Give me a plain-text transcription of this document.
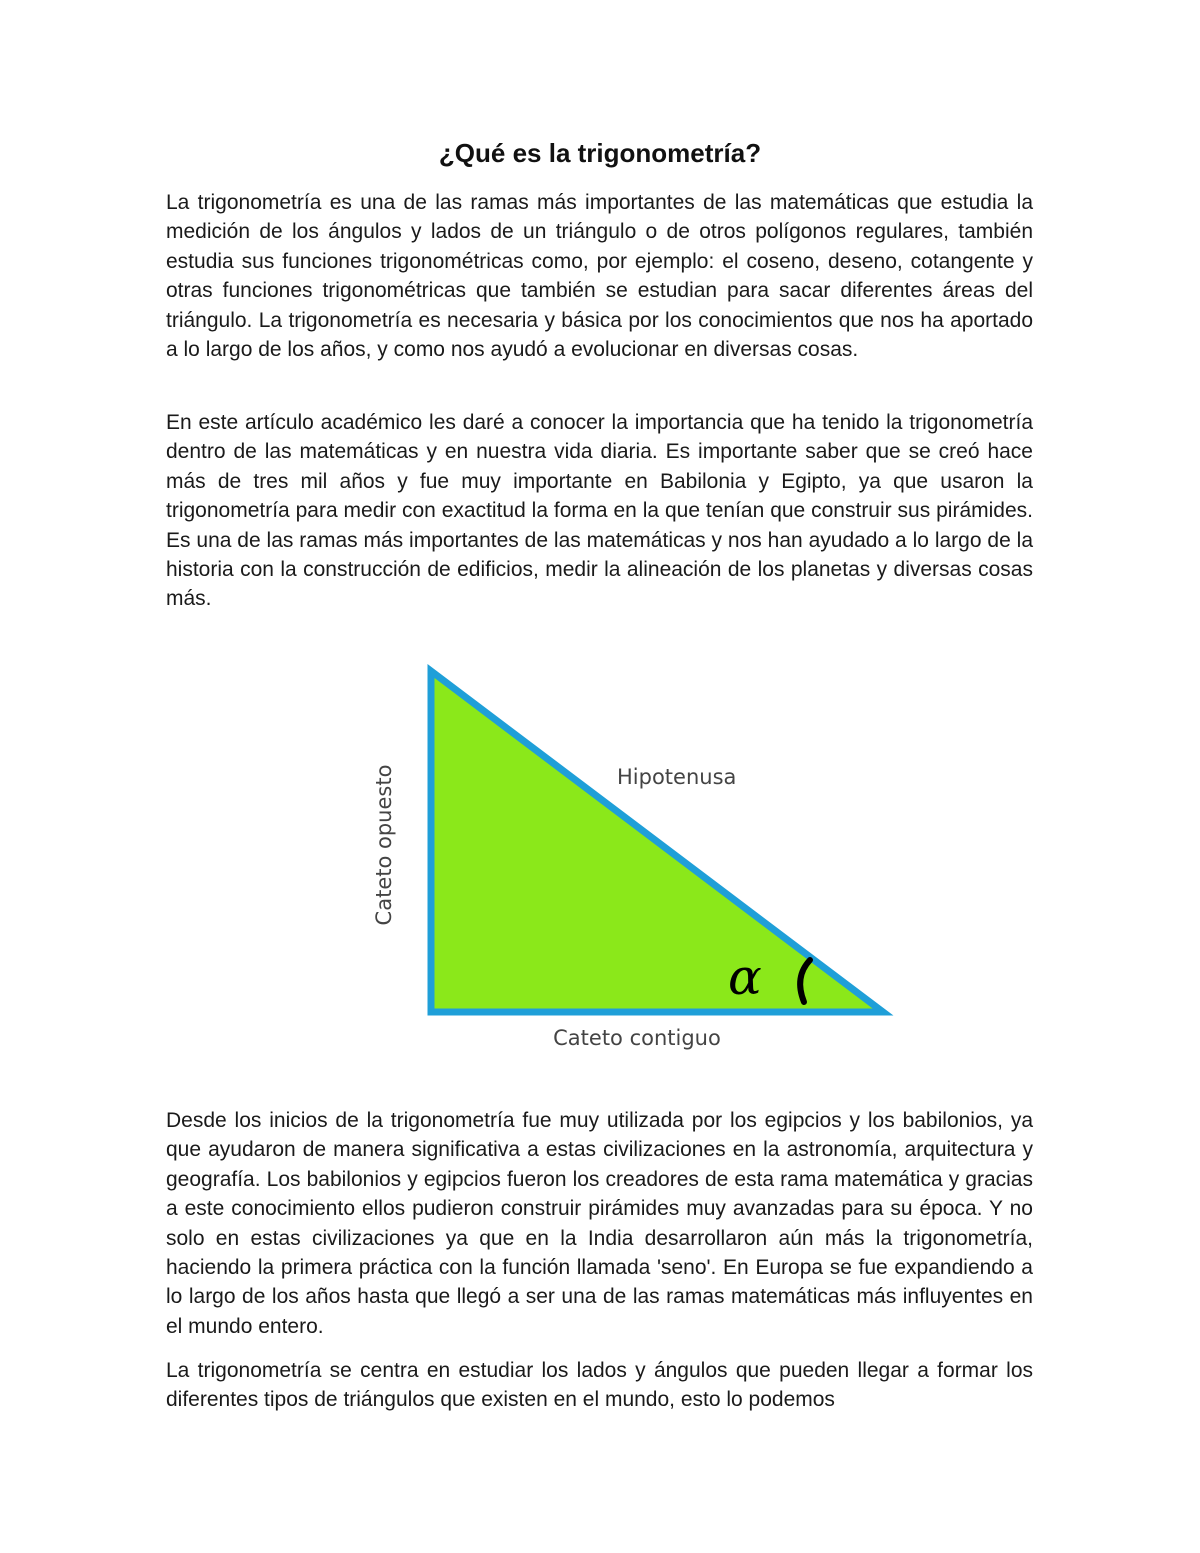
¿Qué es la trigonometría?

La trigonometría es una de las ramas más importantes de las matemáticas que estudia la medición de los ángulos y lados de un triángulo o de otros polígonos regulares, también estudia sus funciones trigonométricas como, por ejemplo: el coseno, deseno, cotangente y otras funciones trigonométricas que también se estudian para sacar diferentes áreas del triángulo. La trigonometría es necesaria y básica por los conocimientos que nos ha aportado a lo largo de los años, y como nos ayudó a evolucionar en diversas cosas.

En este artículo académico les daré a conocer la importancia que ha tenido la trigonometría dentro de las matemáticas y en nuestra vida diaria. Es importante saber que se creó hace más de tres mil años y fue muy importante en Babilonia y Egipto, ya que usaron la trigonometría para medir con exactitud la forma en la que tenían que construir sus pirámides. Es una de las ramas más importantes de las matemáticas y nos han ayudado a lo largo de la historia con la construcción de edificios, medir la alineación de los planetas y diversas cosas más.

Hipotenusa
Cateto opuesto
Cateto contiguo
α

Desde los inicios de la trigonometría fue muy utilizada por los egipcios y los babilonios, ya que ayudaron de manera significativa a estas civilizaciones en la astronomía, arquitectura y geografía. Los babilonios y egipcios fueron los creadores de esta rama matemática y gracias a este conocimiento ellos pudieron construir pirámides muy avanzadas para su época. Y no solo en estas civilizaciones ya que en la India desarrollaron aún más la trigonometría, haciendo la primera práctica con la función llamada 'seno'. En Europa se fue expandiendo a lo largo de los años hasta que llegó a ser una de las ramas matemáticas más influyentes en el mundo entero.

La trigonometría se centra en estudiar los lados y ángulos que pueden llegar a formar los diferentes tipos de triángulos que existen en el mundo, esto lo podemos
